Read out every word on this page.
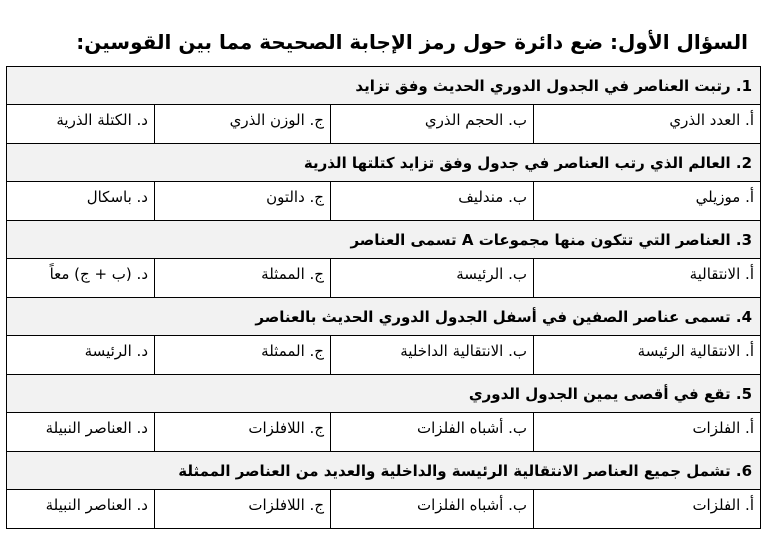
السؤال الأول: ضع دائرة حول رمز الإجابة الصحيحة مما بين القوسين:
1. رتبت العناصر في الجدول الدوري الحديث وفق تزايد
أ. العدد الذري
ب. الحجم الذري
ج. الوزن الذري
د. الكتلة الذرية
2. العالم الذي رتب العناصر في جدول وفق تزايد كتلتها الذرية
أ. موزيلي
ب. مندليف
ج. دالتون
د. باسكال
3. العناصر التي تتكون منها مجموعات A تسمى العناصر
أ. الانتقالية
ب. الرئيسة
ج. الممثلة
د. (ب + ج) معاً
4. تسمى عناصر الصفين في أسفل الجدول الدوري الحديث بالعناصر
أ. الانتقالية الرئيسة
ب. الانتقالية الداخلية
ج. الممثلة
د. الرئيسة
5. تقع في أقصى يمين الجدول الدوري
أ. الفلزات
ب. أشباه الفلزات
ج. اللافلزات
د. العناصر النبيلة
6. تشمل جميع العناصر الانتقالية الرئيسة والداخلية والعديد من العناصر الممثلة
أ. الفلزات
ب. أشباه الفلزات
ج. اللافلزات
د. العناصر النبيلة
